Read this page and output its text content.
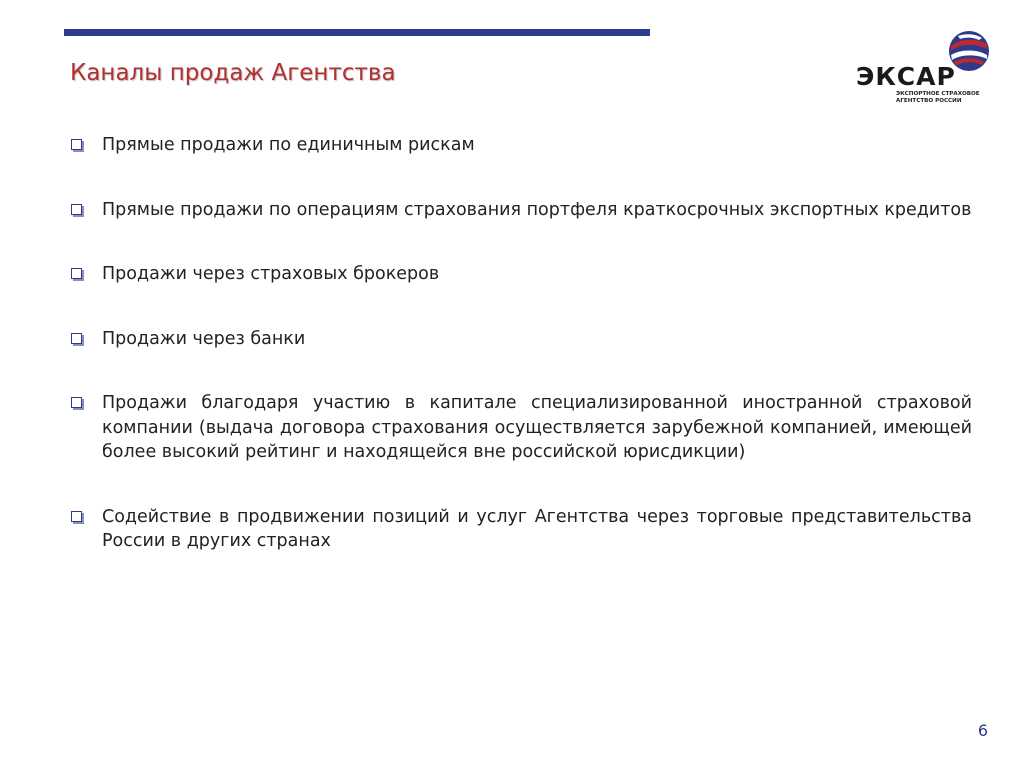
Каналы продаж Агентства	ЭКСАР
ЭКСПОРТНОЕ СТРАХОВОЕ
АГЕНТСТВО РОССИИ
Прямые продажи по единичным рискам
Прямые продажи по операциям страхования портфеля краткосрочных экспортных кредитов
Продажи через страховых брокеров
Продажи через банки
Продажи благодаря участию в капитале специализированной иностранной страховой компании (выдача договора страхования осуществляется зарубежной компанией, имеющей более высокий рейтинг и находящейся вне российской юрисдикции)
Содействие в продвижении позиций и услуг Агентства через торговые представительства России в других странах
6
